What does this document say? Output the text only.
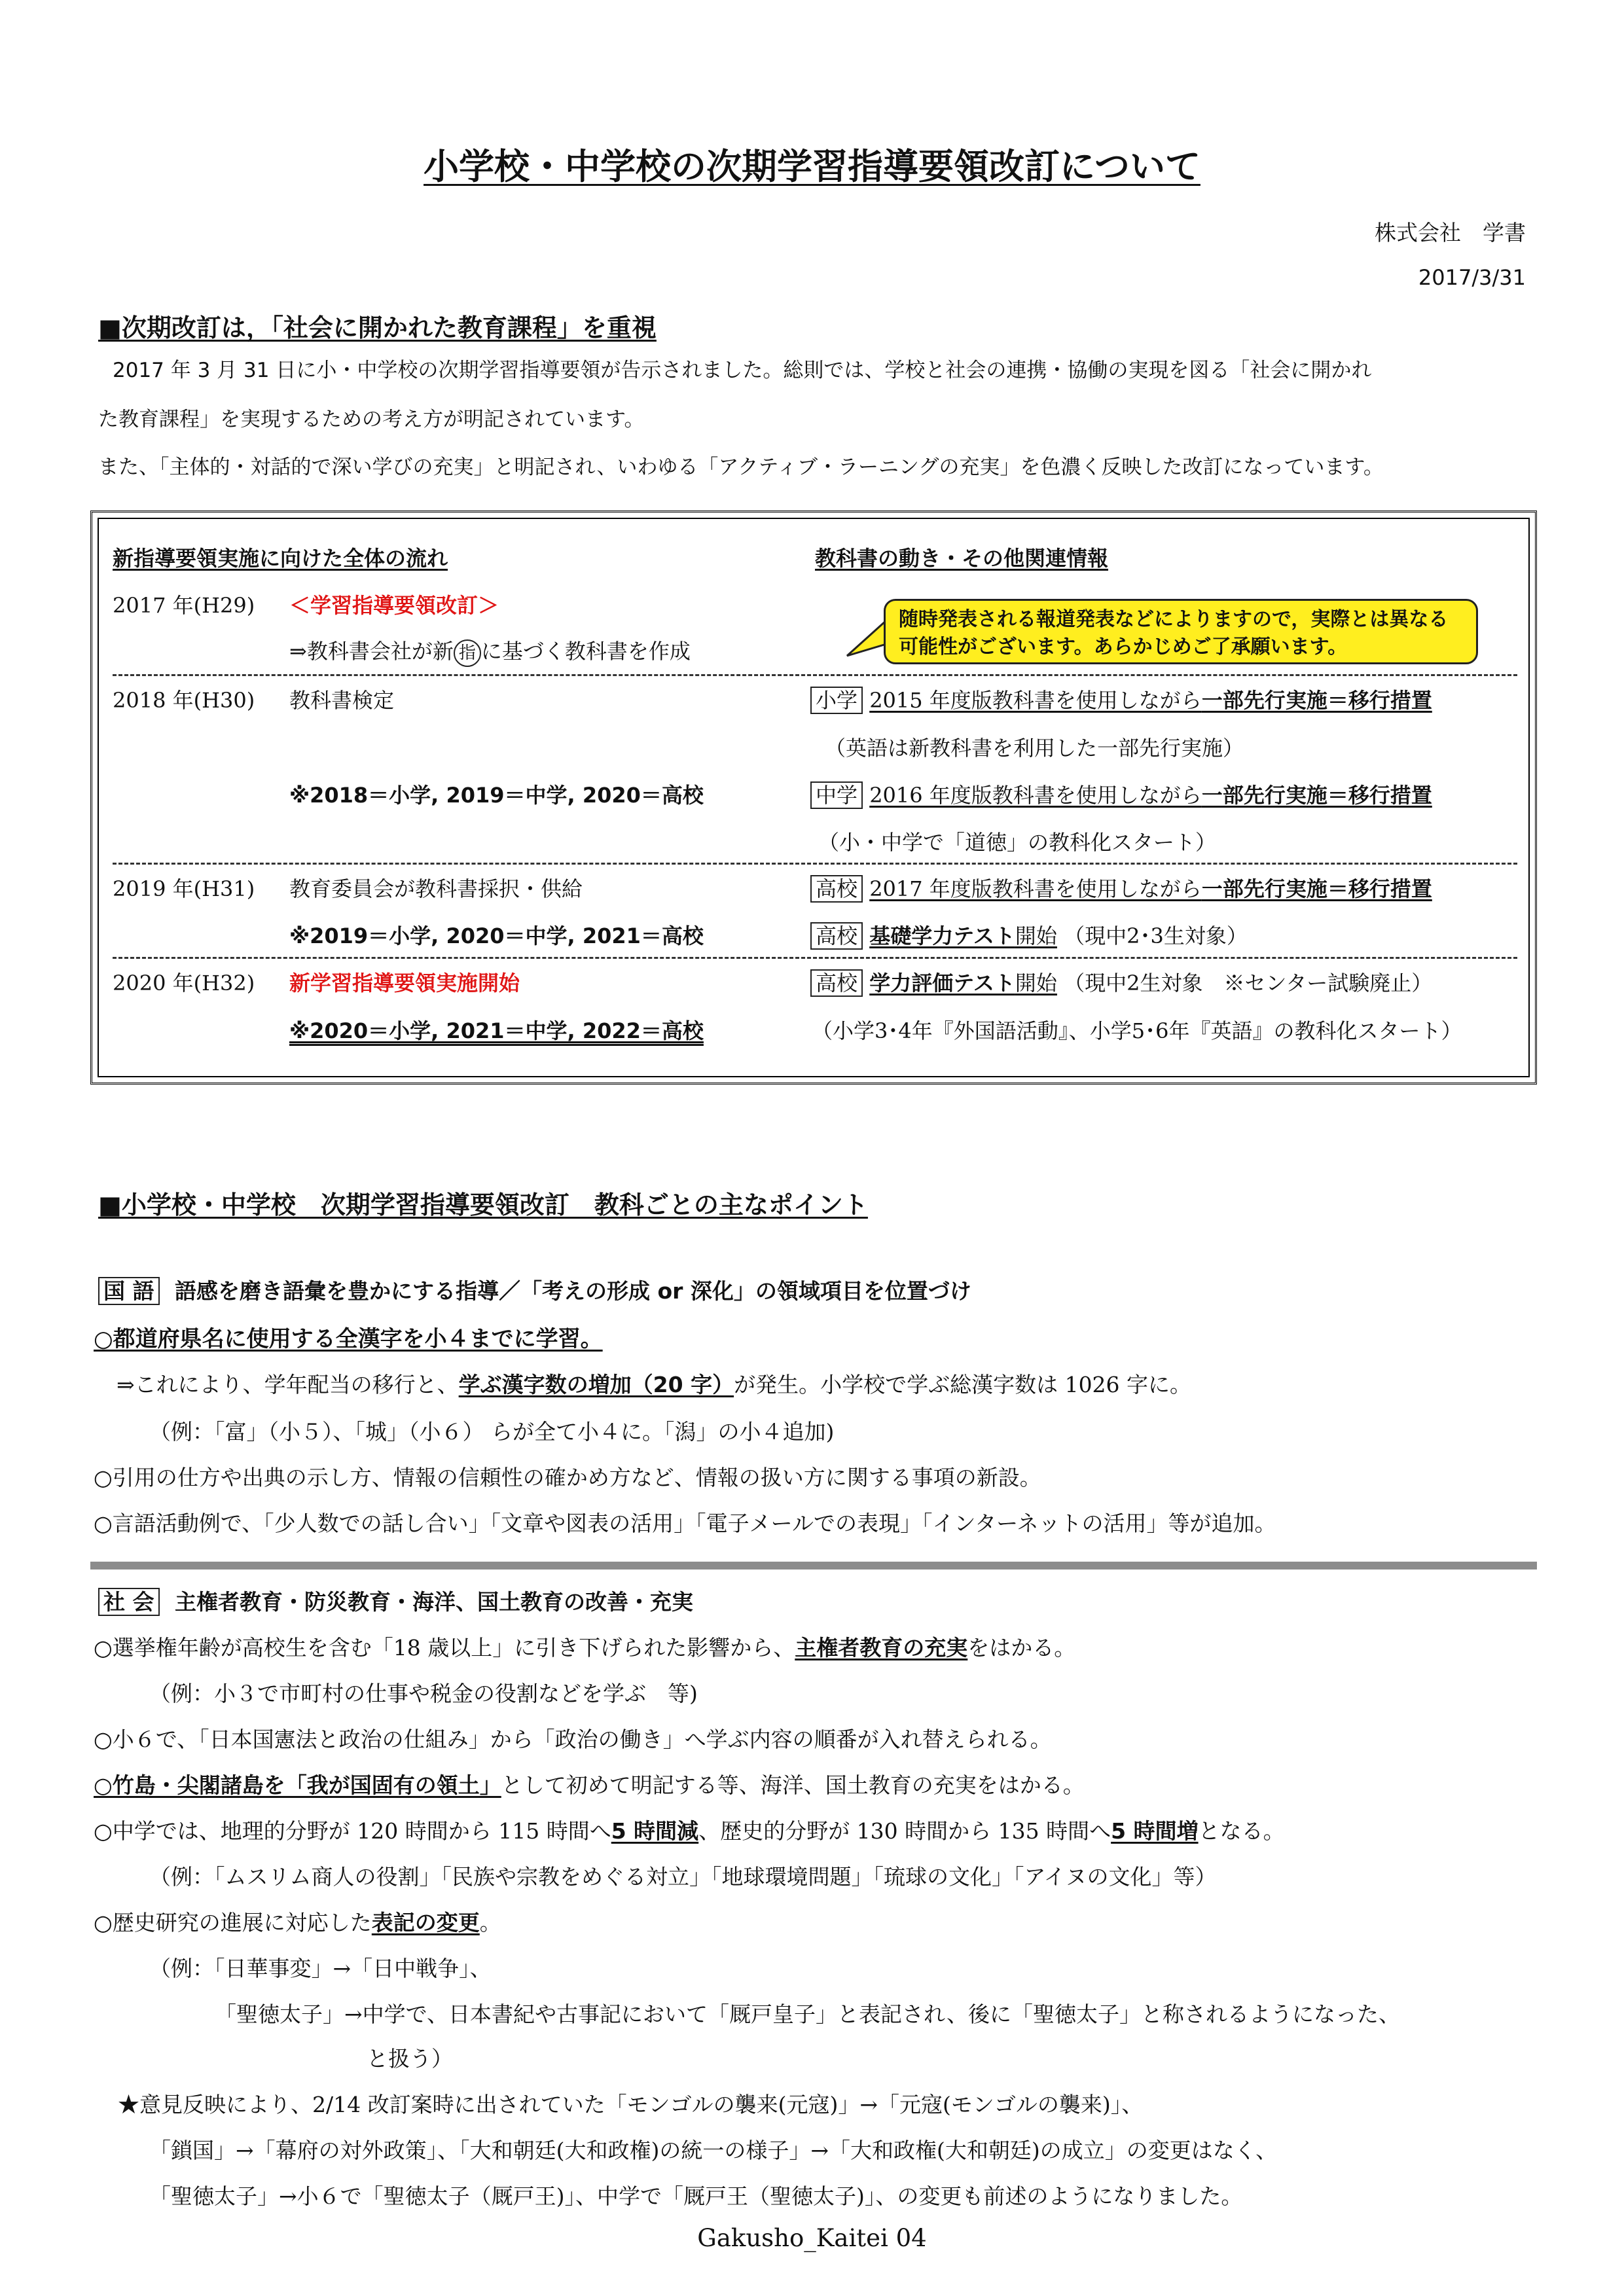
小学校・中学校の次期学習指導要領改訂について
株式会社　学書
2017/3/31
■次期改訂は，「社会に開かれた教育課程」を重視
2017 年 3 月 31 日に小・中学校の次期学習指導要領が告示されました。総則では、学校と社会の連携・協働の実現を図る「社会に開かれ
た教育課程」を実現するための考え方が明記されています。
また、「主体的・対話的で深い学びの充実」と明記され、いわゆる「アクティブ・ラーニングの充実」を色濃く反映した改訂になっています。
新指導要領実施に向けた全体の流れ	教科書の動き・その他関連情報
随時発表される報道発表などによりますので，実際とは異なる
可能性がございます。あらかじめご了承願います。
2017 年(H29) ＜学習指導要領改訂＞
⇒教科書会社が新 指 に基づく教科書を作成
2018 年(H30) 教科書検定
※2018＝小学, 2019＝中学, 2020＝高校
小学 2015 年度版教科書を使用しながら一部先行実施＝移行措置
（英語は新教科書を利用した一部先行実施）
中学 2016 年度版教科書を使用しながら一部先行実施＝移行措置
（小・中学で「道徳」の教科化スタート）
2019 年(H31) 教育委員会が教科書採択・供給
※2019＝小学, 2020＝中学, 2021＝高校
高校 2017 年度版教科書を使用しながら一部先行実施＝移行措置
高校 基礎学力テスト開始 （現中2･3生対象）
2020 年(H32) 新学習指導要領実施開始
※2020＝小学, 2021＝中学, 2022＝高校
高校 学力評価テスト開始 （現中2生対象　※センター試験廃止）
（小学3･4年『外国語活動』、小学5･6年『英語』の教科化スタート）
■小学校・中学校　次期学習指導要領改訂　教科ごとの主なポイント
国 語 語感を磨き語彙を豊かにする指導／「考えの形成 or 深化」の領域項目を位置づけ
○都道府県名に使用する全漢字を小４までに学習。
⇒これにより、学年配当の移行と、学ぶ漢字数の増加（20 字）が発生。小学校で学ぶ総漢字数は 1026 字に。
（例：「富」（小５）、「城」（小６） らが全て小４に。「潟」の小４追加)
○引用の仕方や出典の示し方、情報の信頼性の確かめ方など、情報の扱い方に関する事項の新設。
○言語活動例で、「少人数での話し合い」「文章や図表の活用」「電子メールでの表現」「インターネットの活用」等が追加。
社 会 主権者教育・防災教育・海洋、国土教育の改善・充実
○選挙権年齢が高校生を含む「18 歳以上」に引き下げられた影響から、主権者教育の充実をはかる。
（例：小３で市町村の仕事や税金の役割などを学ぶ　等)
○小６で、「日本国憲法と政治の仕組み」から「政治の働き」へ学ぶ内容の順番が入れ替えられる。
○竹島・尖閣諸島を「我が国固有の領土」として初めて明記する等、海洋、国土教育の充実をはかる。
○中学では、地理的分野が 120 時間から 115 時間へ5 時間減、歴史的分野が 130 時間から 135 時間へ5 時間増となる。
（例：「ムスリム商人の役割」「民族や宗教をめぐる対立」「地球環境問題」「琉球の文化」「アイヌの文化」等）
○歴史研究の進展に対応した表記の変更。
（例：「日華事変」→「日中戦争」、
「聖徳太子」→中学で、日本書紀や古事記において「厩戸皇子」と表記され、後に「聖徳太子」と称されるようになった、
と扱う）
★意見反映により、2/14 改訂案時に出されていた「モンゴルの襲来(元寇)」→「元寇(モンゴルの襲来)」、
「鎖国」→「幕府の対外政策」、「大和朝廷(大和政権)の統一の様子」→「大和政権(大和朝廷)の成立」の変更はなく、
「聖徳太子」→小６で「聖徳太子（厩戸王)」、中学で「厩戸王（聖徳太子)」、の変更も前述のようになりました。
Gakusho_Kaitei 04
